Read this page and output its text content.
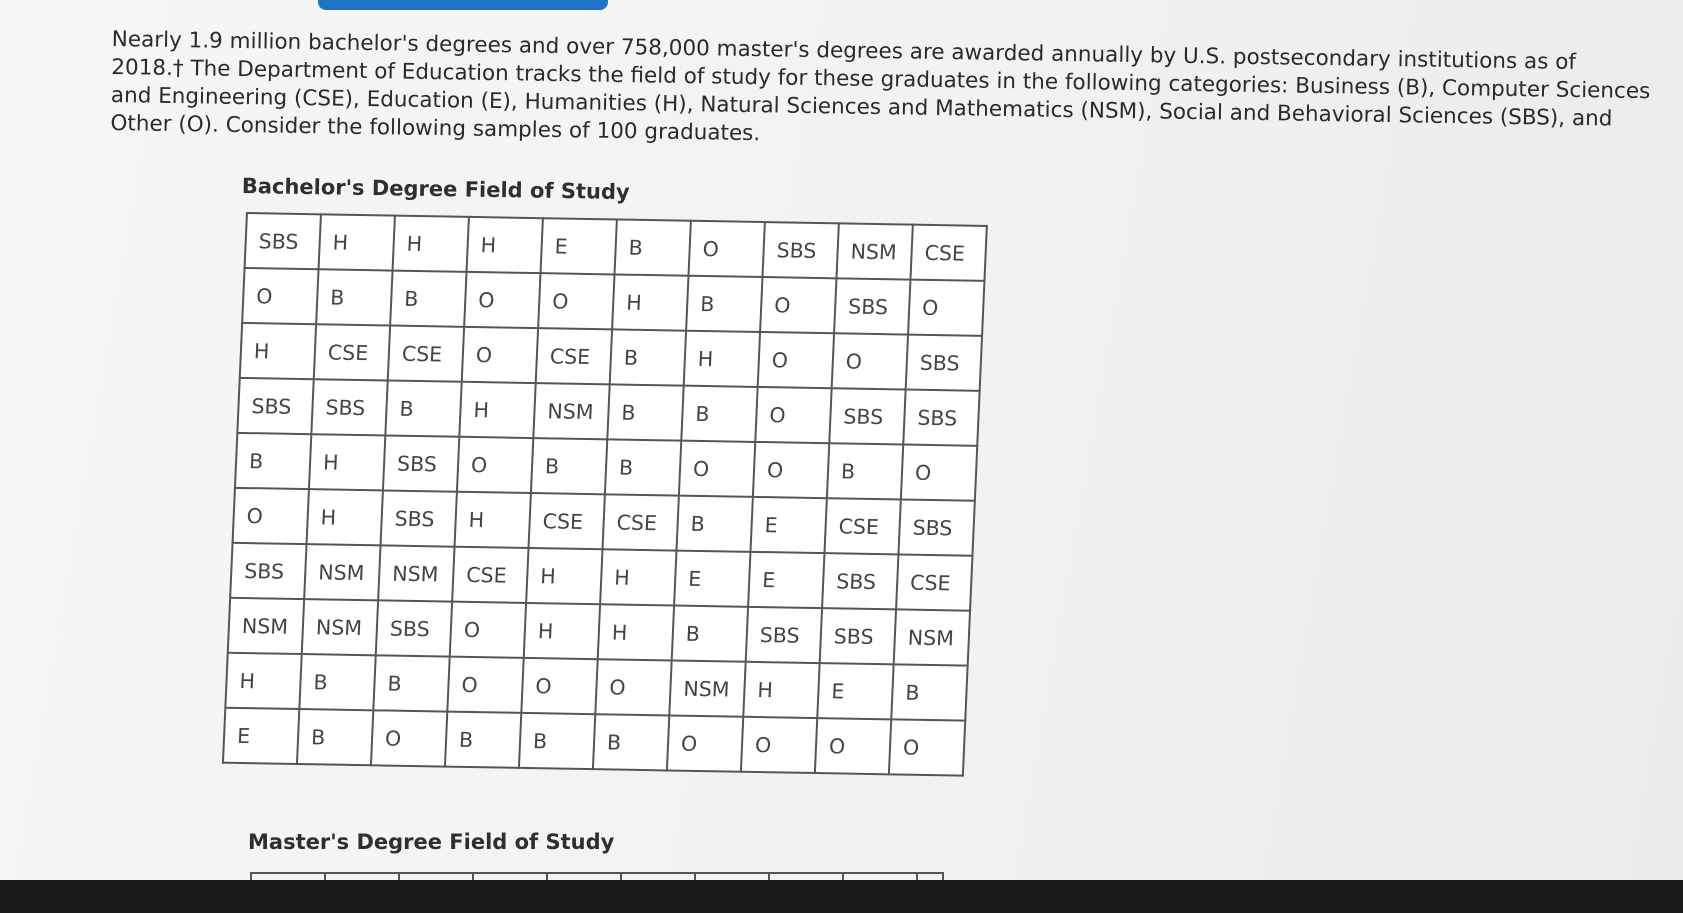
Nearly 1.9 million bachelor's degrees and over 758,000 master's degrees are awarded annually by U.S. postsecondary institutions as of 2018.† The Department of Education tracks the field of study for these graduates in the following categories: Business (B), Computer Sciences and Engineering (CSE), Education (E), Humanities (H), Natural Sciences and Mathematics (NSM), Social and Behavioral Sciences (SBS), and Other (O). Consider the following samples of 100 graduates.
Bachelor's Degree Field of Study
SBS	H	H	H	E	B	O	SBS	NSM	CSE
O	B	B	O	O	H	B	O	SBS	O
H	CSE	CSE	O	CSE	B	H	O	O	SBS
SBS	SBS	B	H	NSM	B	B	O	SBS	SBS
B	H	SBS	O	B	B	O	O	B	O
O	H	SBS	H	CSE	CSE	B	E	CSE	SBS
SBS	NSM	NSM	CSE	H	H	E	E	SBS	CSE
NSM	NSM	SBS	O	H	H	B	SBS	SBS	NSM
H	B	B	O	O	O	NSM	H	E	B
E	B	O	B	B	B	O	O	O	O
Master's Degree Field of Study
